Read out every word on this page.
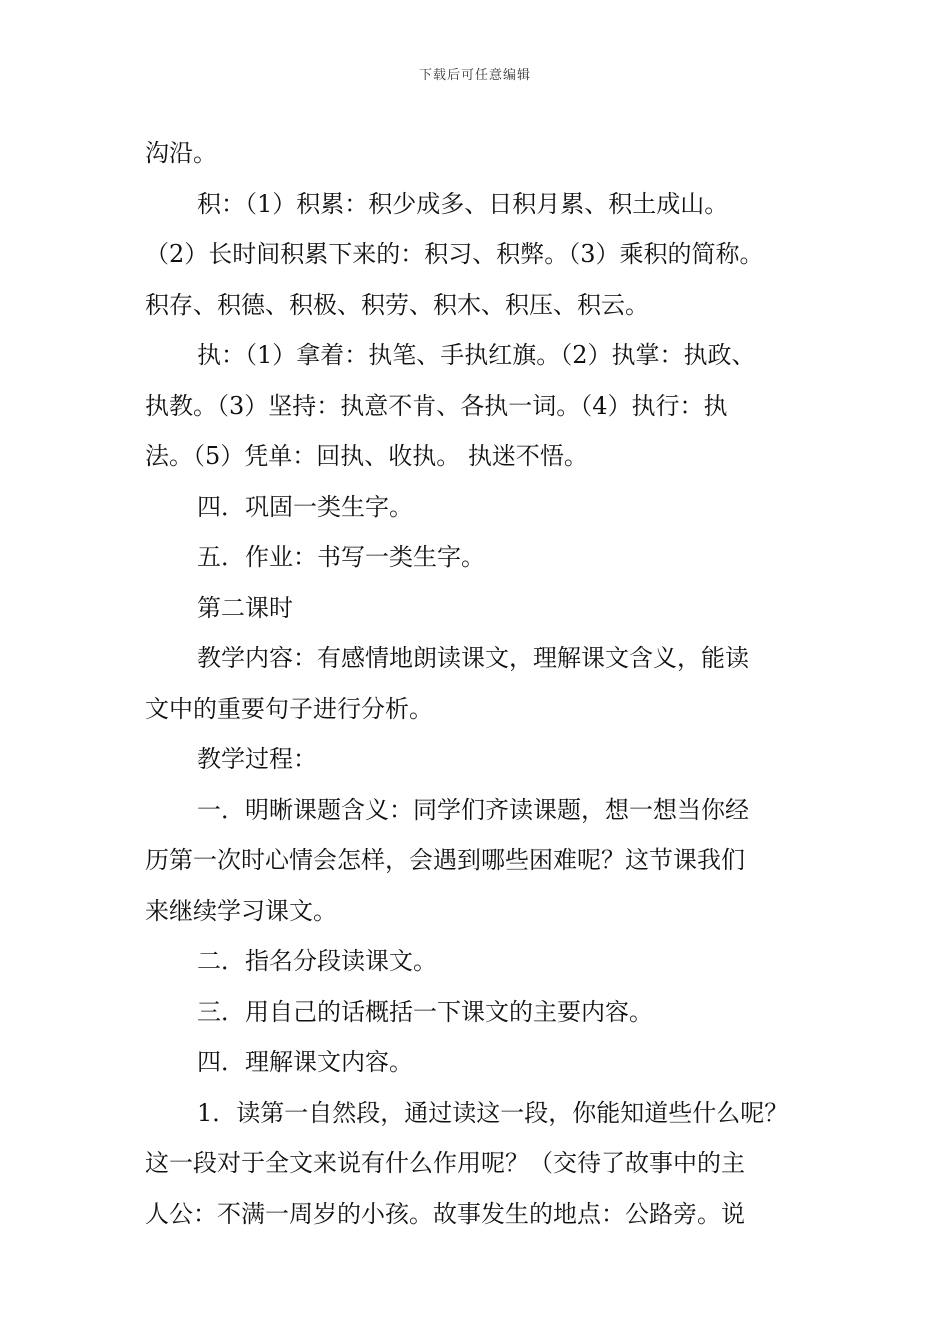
下载后可任意编辑
沟沿。
积：（1）积累：积少成多、日积月累、积土成山。
（2）长时间积累下来的：积习、积弊。（3）乘积的简称。
积存、积德、积极、积劳、积木、积压、积云。
执：（1）拿着：执笔、手执红旗。（2）执掌：执政、
执教。（3）坚持：执意不肯、各执一词。（4）执行：执
法。（5）凭单：回执、收执。 执迷不悟。
四．巩固一类生字。
五．作业：书写一类生字。
第二课时
教学内容：有感情地朗读课文，理解课文含义，能读
文中的重要句子进行分析。
教学过程：
一．明晰课题含义：同学们齐读课题，想一想当你经
历第一次时心情会怎样，会遇到哪些困难呢？这节课我们
来继续学习课文。
二．指名分段读课文。
三．用自己的话概括一下课文的主要内容。
四．理解课文内容。
1．读第一自然段，通过读这一段，你能知道些什么呢？
这一段对于全文来说有什么作用呢？（交待了故事中的主
人公：不满一周岁的小孩。故事发生的地点：公路旁。说
